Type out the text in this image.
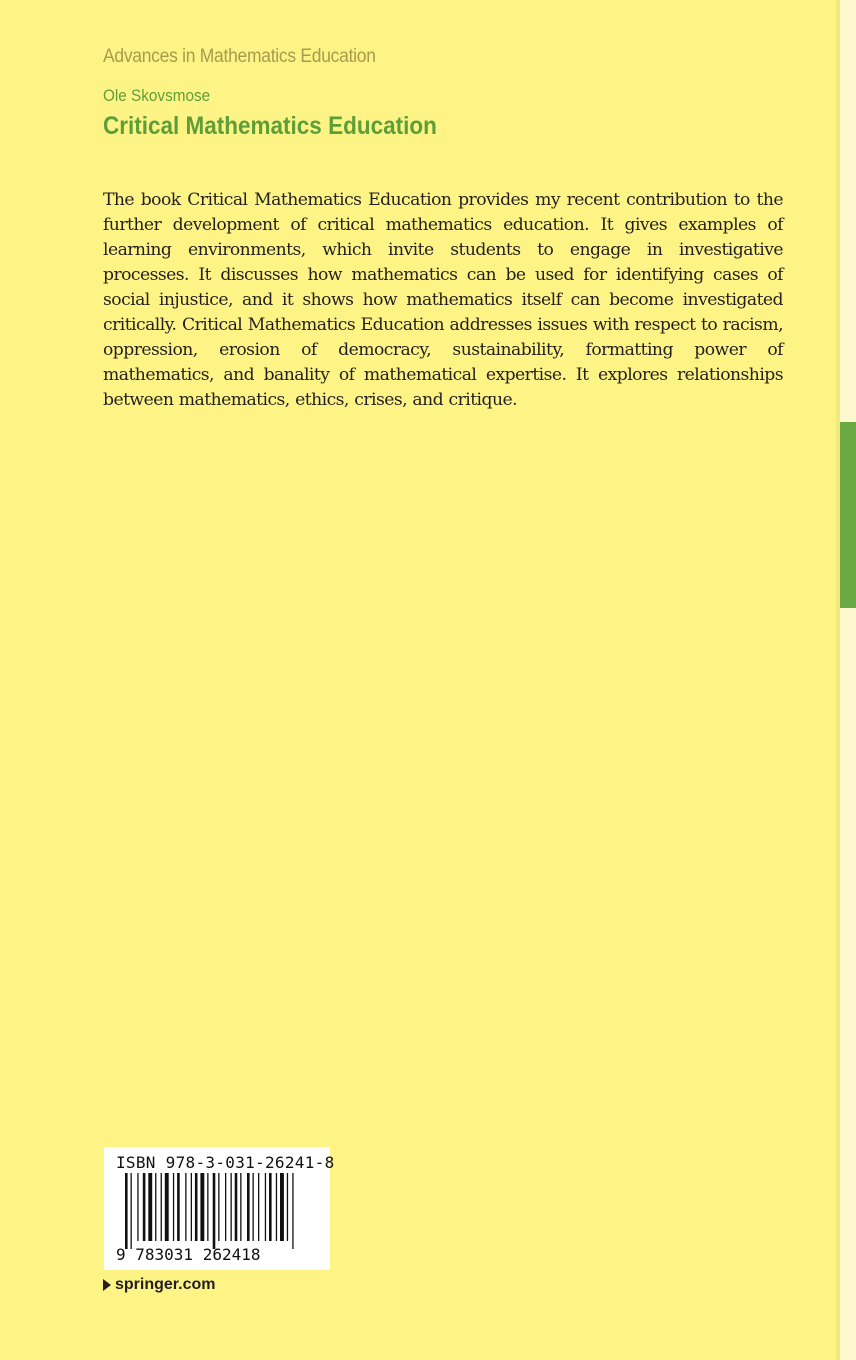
Advances in Mathematics Education
Ole Skovsmose
Critical Mathematics Education

The book Critical Mathematics Education provides my recent contribution to the further development of critical mathematics education. It gives examples of learning environments, which invite students to engage in investigative processes. It discusses how mathematics can be used for identifying cases of social injustice, and it shows how mathematics itself can become investigated critically. Critical Mathematics Education addresses issues with respect to racism, oppression, erosion of democracy, sustainability, formatting power of mathematics, and banality of mathematical expertise. It explores relationships between mathematics, ethics, crises, and critique.

ISBN 978-3-031-26241-8
9 783031 262418
springer.com
